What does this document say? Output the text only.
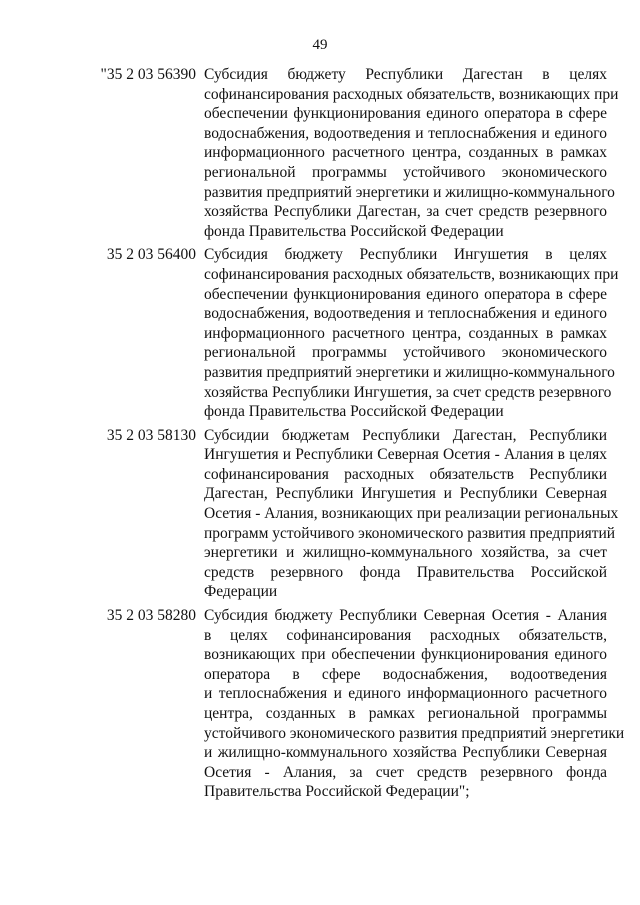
49
"35 2 03 56390 Субсидия бюджету Республики Дагестан в целях
софинансирования расходных обязательств, возникающих при
обеспечении функционирования единого оператора в сфере
водоснабжения, водоотведения и теплоснабжения и единого
информационного расчетного центра, созданных в рамках
региональной программы устойчивого экономического
развития предприятий энергетики и жилищно-коммунального
хозяйства Республики Дагестан, за счет средств резервного
фонда Правительства Российской Федерации
35 2 03 56400 Субсидия бюджету Республики Ингушетия в целях
софинансирования расходных обязательств, возникающих при
обеспечении функционирования единого оператора в сфере
водоснабжения, водоотведения и теплоснабжения и единого
информационного расчетного центра, созданных в рамках
региональной программы устойчивого экономического
развития предприятий энергетики и жилищно-коммунального
хозяйства Республики Ингушетия, за счет средств резервного
фонда Правительства Российской Федерации
35 2 03 58130 Субсидии бюджетам Республики Дагестан, Республики
Ингушетия и Республики Северная Осетия - Алания в целях
софинансирования расходных обязательств Республики
Дагестан, Республики Ингушетия и Республики Северная
Осетия - Алания, возникающих при реализации региональных
программ устойчивого экономического развития предприятий
энергетики и жилищно-коммунального хозяйства, за счет
средств резервного фонда Правительства Российской
Федерации
35 2 03 58280 Субсидия бюджету Республики Северная Осетия - Алания
в целях софинансирования расходных обязательств,
возникающих при обеспечении функционирования единого
оператора в сфере водоснабжения, водоотведения
и теплоснабжения и единого информационного расчетного
центра, созданных в рамках региональной программы
устойчивого экономического развития предприятий энергетики
и жилищно-коммунального хозяйства Республики Северная
Осетия - Алания, за счет средств резервного фонда
Правительства Российской Федерации";
